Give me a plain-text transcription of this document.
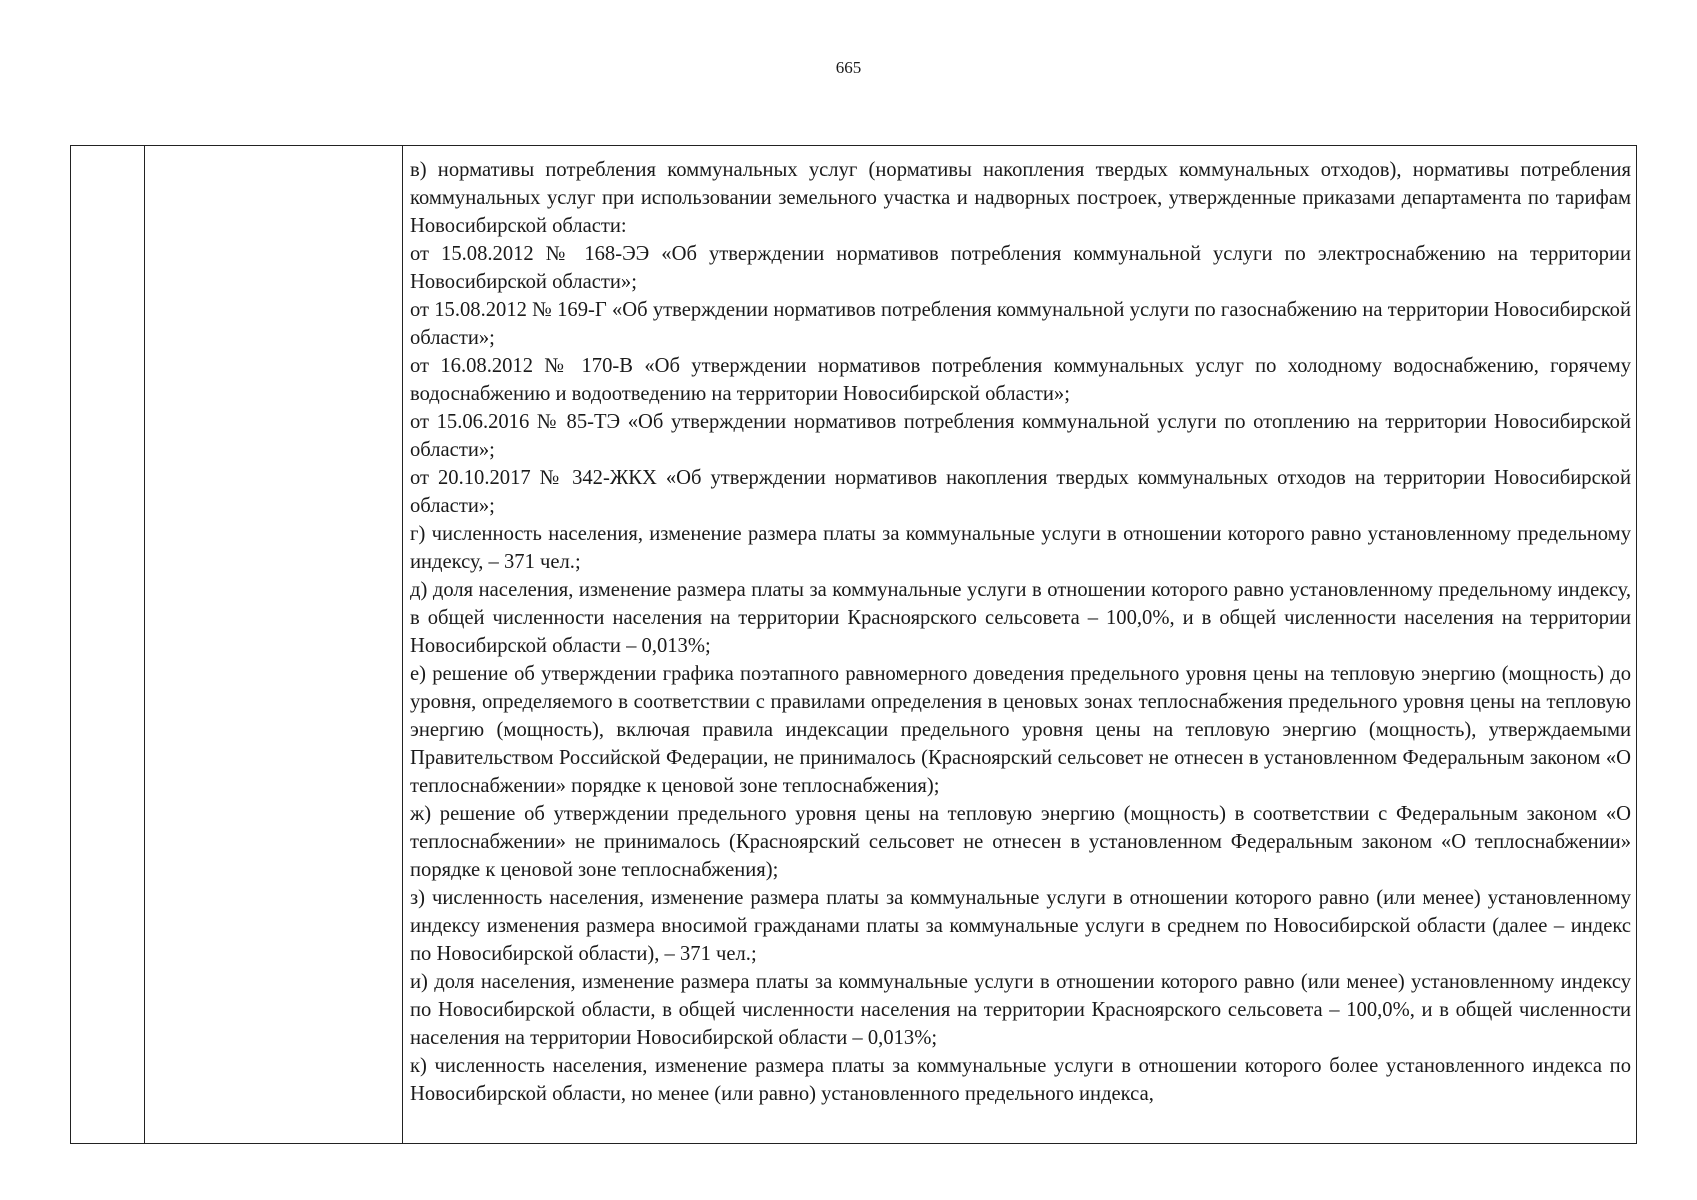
665

в) нормативы потребления коммунальных услуг (нормативы накопления твердых коммунальных отходов), нормативы потребления коммунальных услуг при использовании земельного участка и надворных построек, утвержденные приказами департамента по тарифам Новосибирской области:

от 15.08.2012 № 168-ЭЭ «Об утверждении нормативов потребления коммунальной услуги по электроснабжению на территории Новосибирской области»;

от 15.08.2012 № 169-Г «Об утверждении нормативов потребления коммунальной услуги по газоснабжению на территории Новосибирской области»;

от 16.08.2012 № 170-В «Об утверждении нормативов потребления коммунальных услуг по холодному водоснабжению, горячему водоснабжению и водоотведению на территории Новосибирской области»;

от 15.06.2016 № 85-ТЭ «Об утверждении нормативов потребления коммунальной услуги по отоплению на территории Новосибирской области»;

от 20.10.2017 № 342-ЖКХ «Об утверждении нормативов накопления твердых коммунальных отходов на территории Новосибирской области»;

г) численность населения, изменение размера платы за коммунальные услуги в отношении которого равно установленному предельному индексу, – 371 чел.;

д) доля населения, изменение размера платы за коммунальные услуги в отношении которого равно установленному предельному индексу, в общей численности населения на территории Красноярского сельсовета – 100,0%, и в общей численности населения на территории Новосибирской области – 0,013%;

е) решение об утверждении графика поэтапного равномерного доведения предельного уровня цены на тепловую энергию (мощность) до уровня, определяемого в соответствии с правилами определения в ценовых зонах теплоснабжения предельного уровня цены на тепловую энергию (мощность), включая правила индексации предельного уровня цены на тепловую энергию (мощность), утверждаемыми Правительством Российской Федерации, не принималось (Красноярский сельсовет не отнесен в установленном Федеральным законом «О теплоснабжении» порядке к ценовой зоне теплоснабжения);

ж) решение об утверждении предельного уровня цены на тепловую энергию (мощность) в соответствии с Федеральным законом «О теплоснабжении» не принималось (Красноярский сельсовет не отнесен в установленном Федеральным законом «О теплоснабжении» порядке к ценовой зоне теплоснабжения);

з) численность населения, изменение размера платы за коммунальные услуги в отношении которого равно (или менее) установленному индексу изменения размера вносимой гражданами платы за коммунальные услуги в среднем по Новосибирской области (далее – индекс по Новосибирской области), – 371 чел.;

и) доля населения, изменение размера платы за коммунальные услуги в отношении которого равно (или менее) установленному индексу по Новосибирской области, в общей численности населения на территории Красноярского сельсовета – 100,0%, и в общей численности населения на территории Новосибирской области – 0,013%;

к) численность населения, изменение размера платы за коммунальные услуги в отношении которого более установленного индекса по Новосибирской области, но менее (или равно) установленного предельного индекса,
